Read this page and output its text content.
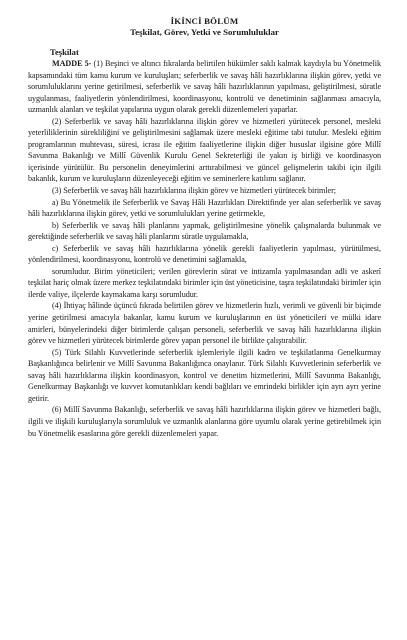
İKİNCİ BÖLÜM
Teşkilat, Görev, Yetki ve Sorumluluklar
Teşkilat

MADDE 5- (1) Beşinci ve altıncı fıkralarda belirtilen hükümler saklı kalmak kaydıyla bu Yönetmelik kapsamındaki tüm kamu kurum ve kuruluşları; seferberlik ve savaş hâli hazırlıklarına ilişkin görev, yetki ve sorumluluklarını yerine getirilmesi, seferberlik ve savaş hâli hazırlıklarının yapılması, geliştirilmesi, süratle uygulanması, faaliyetlerin yönlendirilmesi, koordinasyonu, kontrolü ve denetiminin sağlanması amacıyla, uzmanlık alanları ve teşkilat yapılarına uygun olarak gerekli düzenlemeleri yaparlar.

(2) Seferberlik ve savaş hâli hazırlıklarına ilişkin görev ve hizmetleri yürütecek personel, mesleki yeterliliklerinin sürekliliğini ve geliştirilmesini sağlamak üzere mesleki eğitime tabi tutulur. Mesleki eğitim programlarının muhtevası, süresi, icrası ile eğitim faaliyetlerine ilişkin diğer hususlar ilgisine göre Millî Savunma Bakanlığı ve Millî Güvenlik Kurulu Genel Sekreterliği ile yakın iş birliği ve koordinasyon içerisinde yürütülür. Bu personelin deneyimlerini arttırabilmesi ve güncel gelişmelerin takibi için ilgili bakanlık, kurum ve kuruluşların düzenleyeceği eğitim ve seminerlere katılımı sağlanır.

(3) Seferberlik ve savaş hâli hazırlıklarına ilişkin görev ve hizmetleri yürütecek birimler;

a) Bu Yönetmelik ile Seferberlik ve Savaş Hâli Hazırlıkları Direktifinde yer alan seferberlik ve savaş hâli hazırlıklarına ilişkin görev, yetki ve sorumlulukları yerine getirmekle,

b) Seferberlik ve savaş hâli planlarını yapmak, geliştirilmesine yönelik çalışmalarda bulunmak ve gerektiğinde seferberlik ve savaş hâli planlarını süratle uygulamakla,

c) Seferberlik ve savaş hâli hazırlıklarına yönelik gerekli faaliyetlerin yapılması, yürütülmesi, yönlendirilmesi, koordinasyonu, kontrolü ve denetimini sağlamakla,

sorumludur. Birim yöneticileri; verilen görevlerin sürat ve intizamla yapılmasından adli ve askerî teşkilat hariç olmak üzere merkez teşkilatındaki birimler için üst yöneticisine, taşra teşkilatındaki birimler için ilerde valiye, ilçelerde kaymakama karşı sorumludur.

(4) İhtiyaç hâlinde üçüncü fıkrada belirtilen görev ve hizmetlerin hızlı, verimli ve güvenli bir biçimde yerine getirilmesi amacıyla bakanlar, kamu kurum ve kuruluşlarının en üst yöneticileri ve mülki idare amirleri, bünyelerindeki diğer birimlerde çalışan personeli, seferberlik ve savaş hâli hazırlıklarına ilişkin görev ve hizmetleri yürütecek birimlerde görev yapan personel ile birlikte çalıştırabilir.

(5) Türk Silahlı Kuvvetlerinde seferberlik işlemleriyle ilgili kadro ve teşkilatlanma Genelkurmay Başkanlığınca belirlenir ve Millî Savunma Bakanlığınca onaylanır. Türk Silahlı Kuvvetlerinin seferberlik ve savaş hâli hazırlıklarına ilişkin koordinasyon, kontrol ve denetim hizmetlerini, Millî Savunma Bakanlığı, Genelkurmay Başkanlığı ve kuvvet komutanlıkları kendi bağlıları ve emrindeki birlikler için ayrı ayrı yerine getirir.

(6) Millî Savunma Bakanlığı, seferberlik ve savaş hâli hazırlıklarına ilişkin görev ve hizmetleri bağlı, ilgili ve ilişkili kuruluşlarıyla sorumluluk ve uzmanlık alanlarına göre uyumlu olarak yerine getirebilmek için bu Yönetmelik esaslarına göre gerekli düzenlemeleri yapar.
